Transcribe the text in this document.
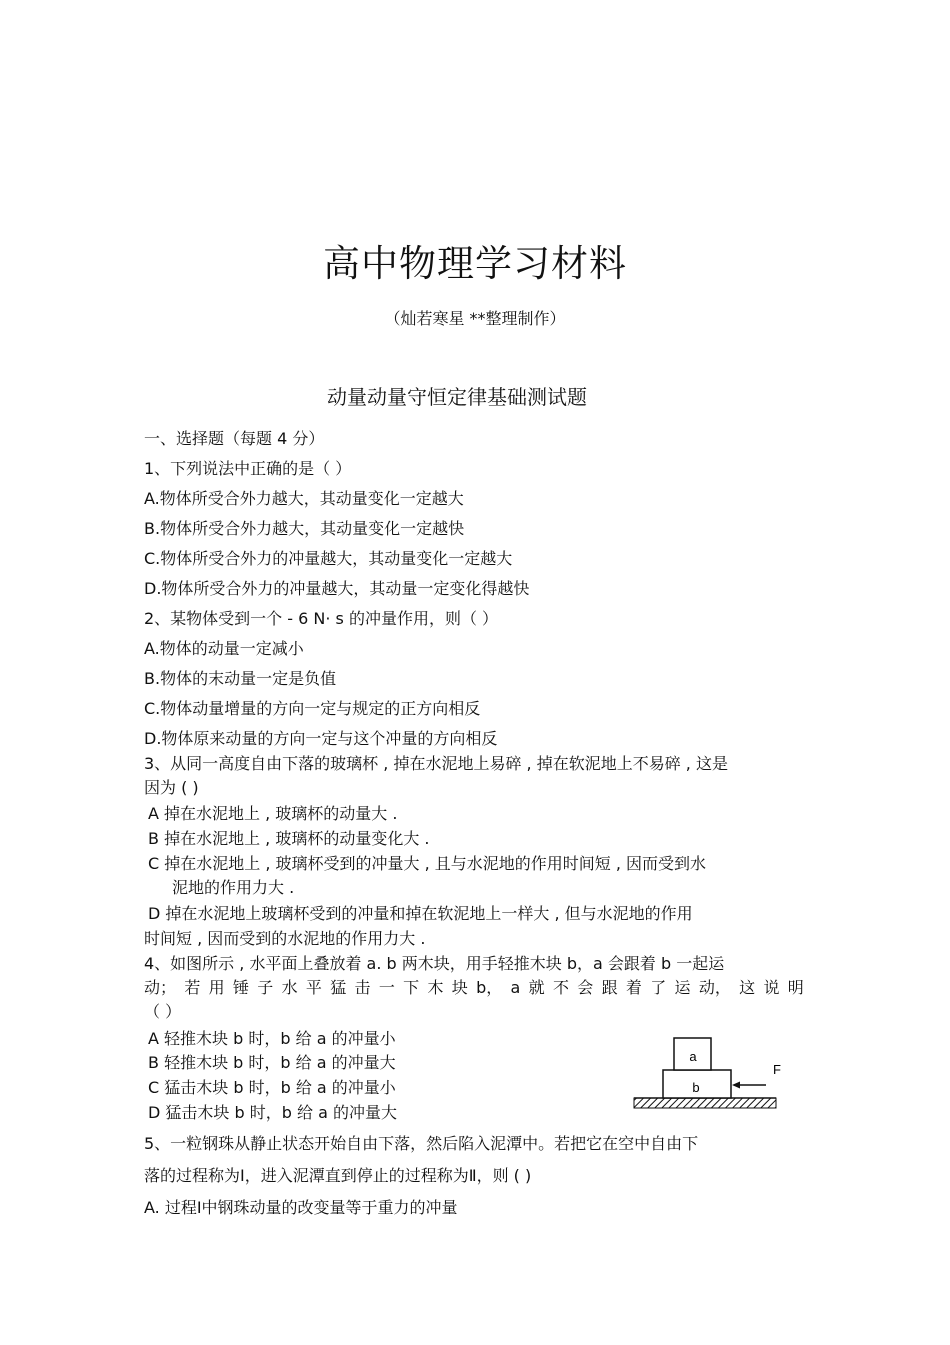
高中物理学习材料
（灿若寒星 **整理制作）
动量动量守恒定律基础测试题
一、选择题（每题 4 分）
1、下列说法中正确的是（ ）
A.物体所受合外力越大，其动量变化一定越大
B.物体所受合外力越大，其动量变化一定越快
C.物体所受合外力的冲量越大，其动量变化一定越大
D.物体所受合外力的冲量越大，其动量一定变化得越快
2、某物体受到一个 - 6 N· s 的冲量作用，则（ ）
A.物体的动量一定减小
B.物体的末动量一定是负值
C.物体动量增量的方向一定与规定的正方向相反
D.物体原来动量的方向一定与这个冲量的方向相反
3、从同一高度自由下落的玻璃杯 , 掉在水泥地上易碎 , 掉在软泥地上不易碎 , 这是
因为 ( )
A 掉在水泥地上 , 玻璃杯的动量大 .
B 掉在水泥地上 , 玻璃杯的动量变化大 .
C 掉在水泥地上 , 玻璃杯受到的冲量大 , 且与水泥地的作用时间短 , 因而受到水
泥地的作用力大 .
D 掉在水泥地上玻璃杯受到的冲量和掉在软泥地上一样大 , 但与水泥地的作用
时间短 , 因而受到的水泥地的作用力大 .
4、如图所示 , 水平面上叠放着 a. b 两木块，用手轻推木块 b，a 会跟着 b 一起运
动； 若 用 锤 子 水 平 猛 击 一 下 木 块 b， a 就 不 会 跟 着 了 运 动， 这 说 明
（ ）
A 轻推木块 b 时，b 给 a 的冲量小
B 轻推木块 b 时，b 给 a 的冲量大
C 猛击木块 b 时，b 给 a 的冲量小
D 猛击木块 b 时，b 给 a 的冲量大
a
b
F
5、一粒钢珠从静止状态开始自由下落，然后陷入泥潭中。若把它在空中自由下
落的过程称为Ⅰ，进入泥潭直到停止的过程称为Ⅱ，则 ( )
A. 过程Ⅰ中钢珠动量的改变量等于重力的冲量
